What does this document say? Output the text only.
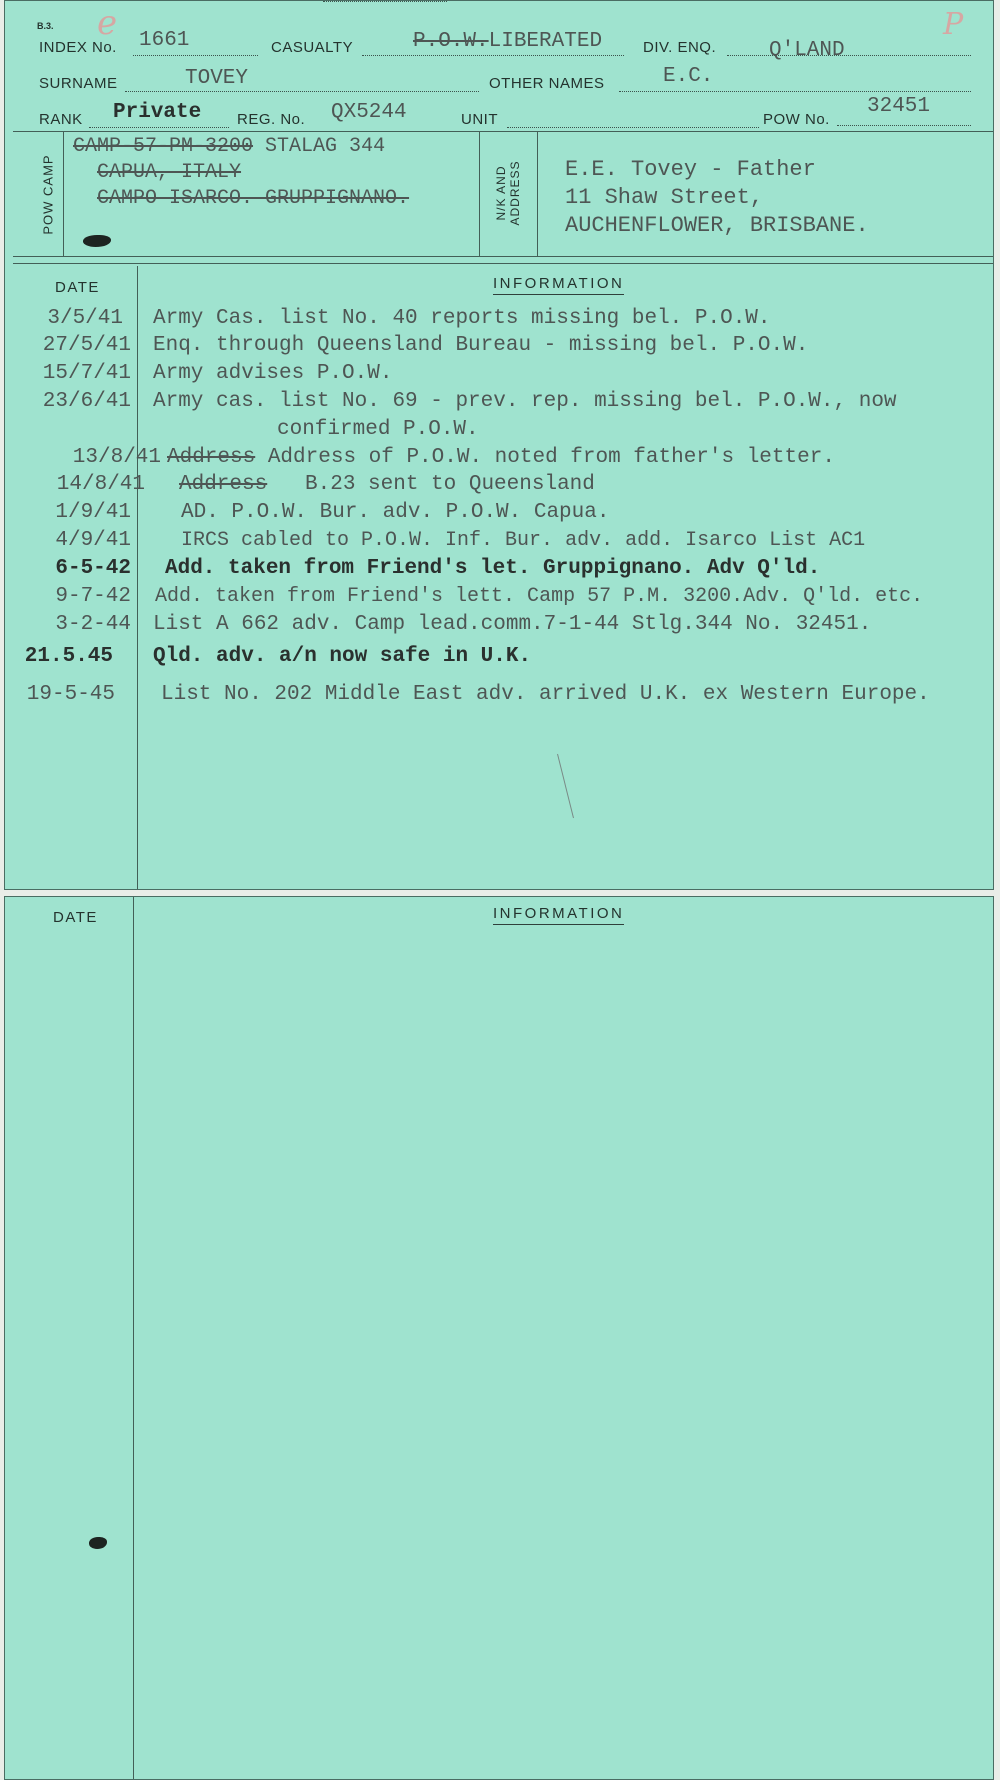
B.3. e	P
INDEX No. 1661	CASUALTY	P.O.W.LIBERATED	DIV. ENQ.	Q'LAND
SURNAME	TOVEY	OTHER NAMES	E.C.
RANK Private REG. No. QX5244	UNIT	POW No.
32451
POW CAMP
CAMP-57-PM-3200 STALAG 344
CAPUA, ITALY
CAMPO ISARCO. GRUPPIGNANO.	N/K AND ADDRESS E.E. Tovey - Father
11 Shaw Street,
AUCHENFLOWER, BRISBANE.
DATE	INFORMATION
3/5/41 Army Cas. list No. 40 reports missing bel. P.O.W.
27/5/41 Enq. through Queensland Bureau - missing bel. P.O.W.
15/7/41 Army advises P.O.W.
23/6/41 Army cas. list No. 69 - prev. rep. missing bel. P.O.W., now
confirmed P.O.W.
13/8/41 Address Address of P.O.W. noted from father's letter.
14/8/41 Address B.23 sent to Queensland
1/9/41 AD. P.O.W. Bur. adv. P.O.W. Capua.
4/9/41	IRCS cabled to P.O.W. Inf. Bur. adv. add. Isarco List AC1
6-5-42 Add. taken from Friend's let. Gruppignano. Adv Q'ld.
9-7-42 Add. taken from Friend's lett. Camp 57 P.M. 3200.Adv. Q'ld. etc.
3-2-44 List A 662 adv. Camp lead.comm.7-1-44 Stlg.344 No. 32451.
21.5.45 Qld. adv. a/n now safe in U.K.
19-5-45 List No. 202 Middle East adv. arrived U.K. ex Western Europe.
DATE	INFORMATION
